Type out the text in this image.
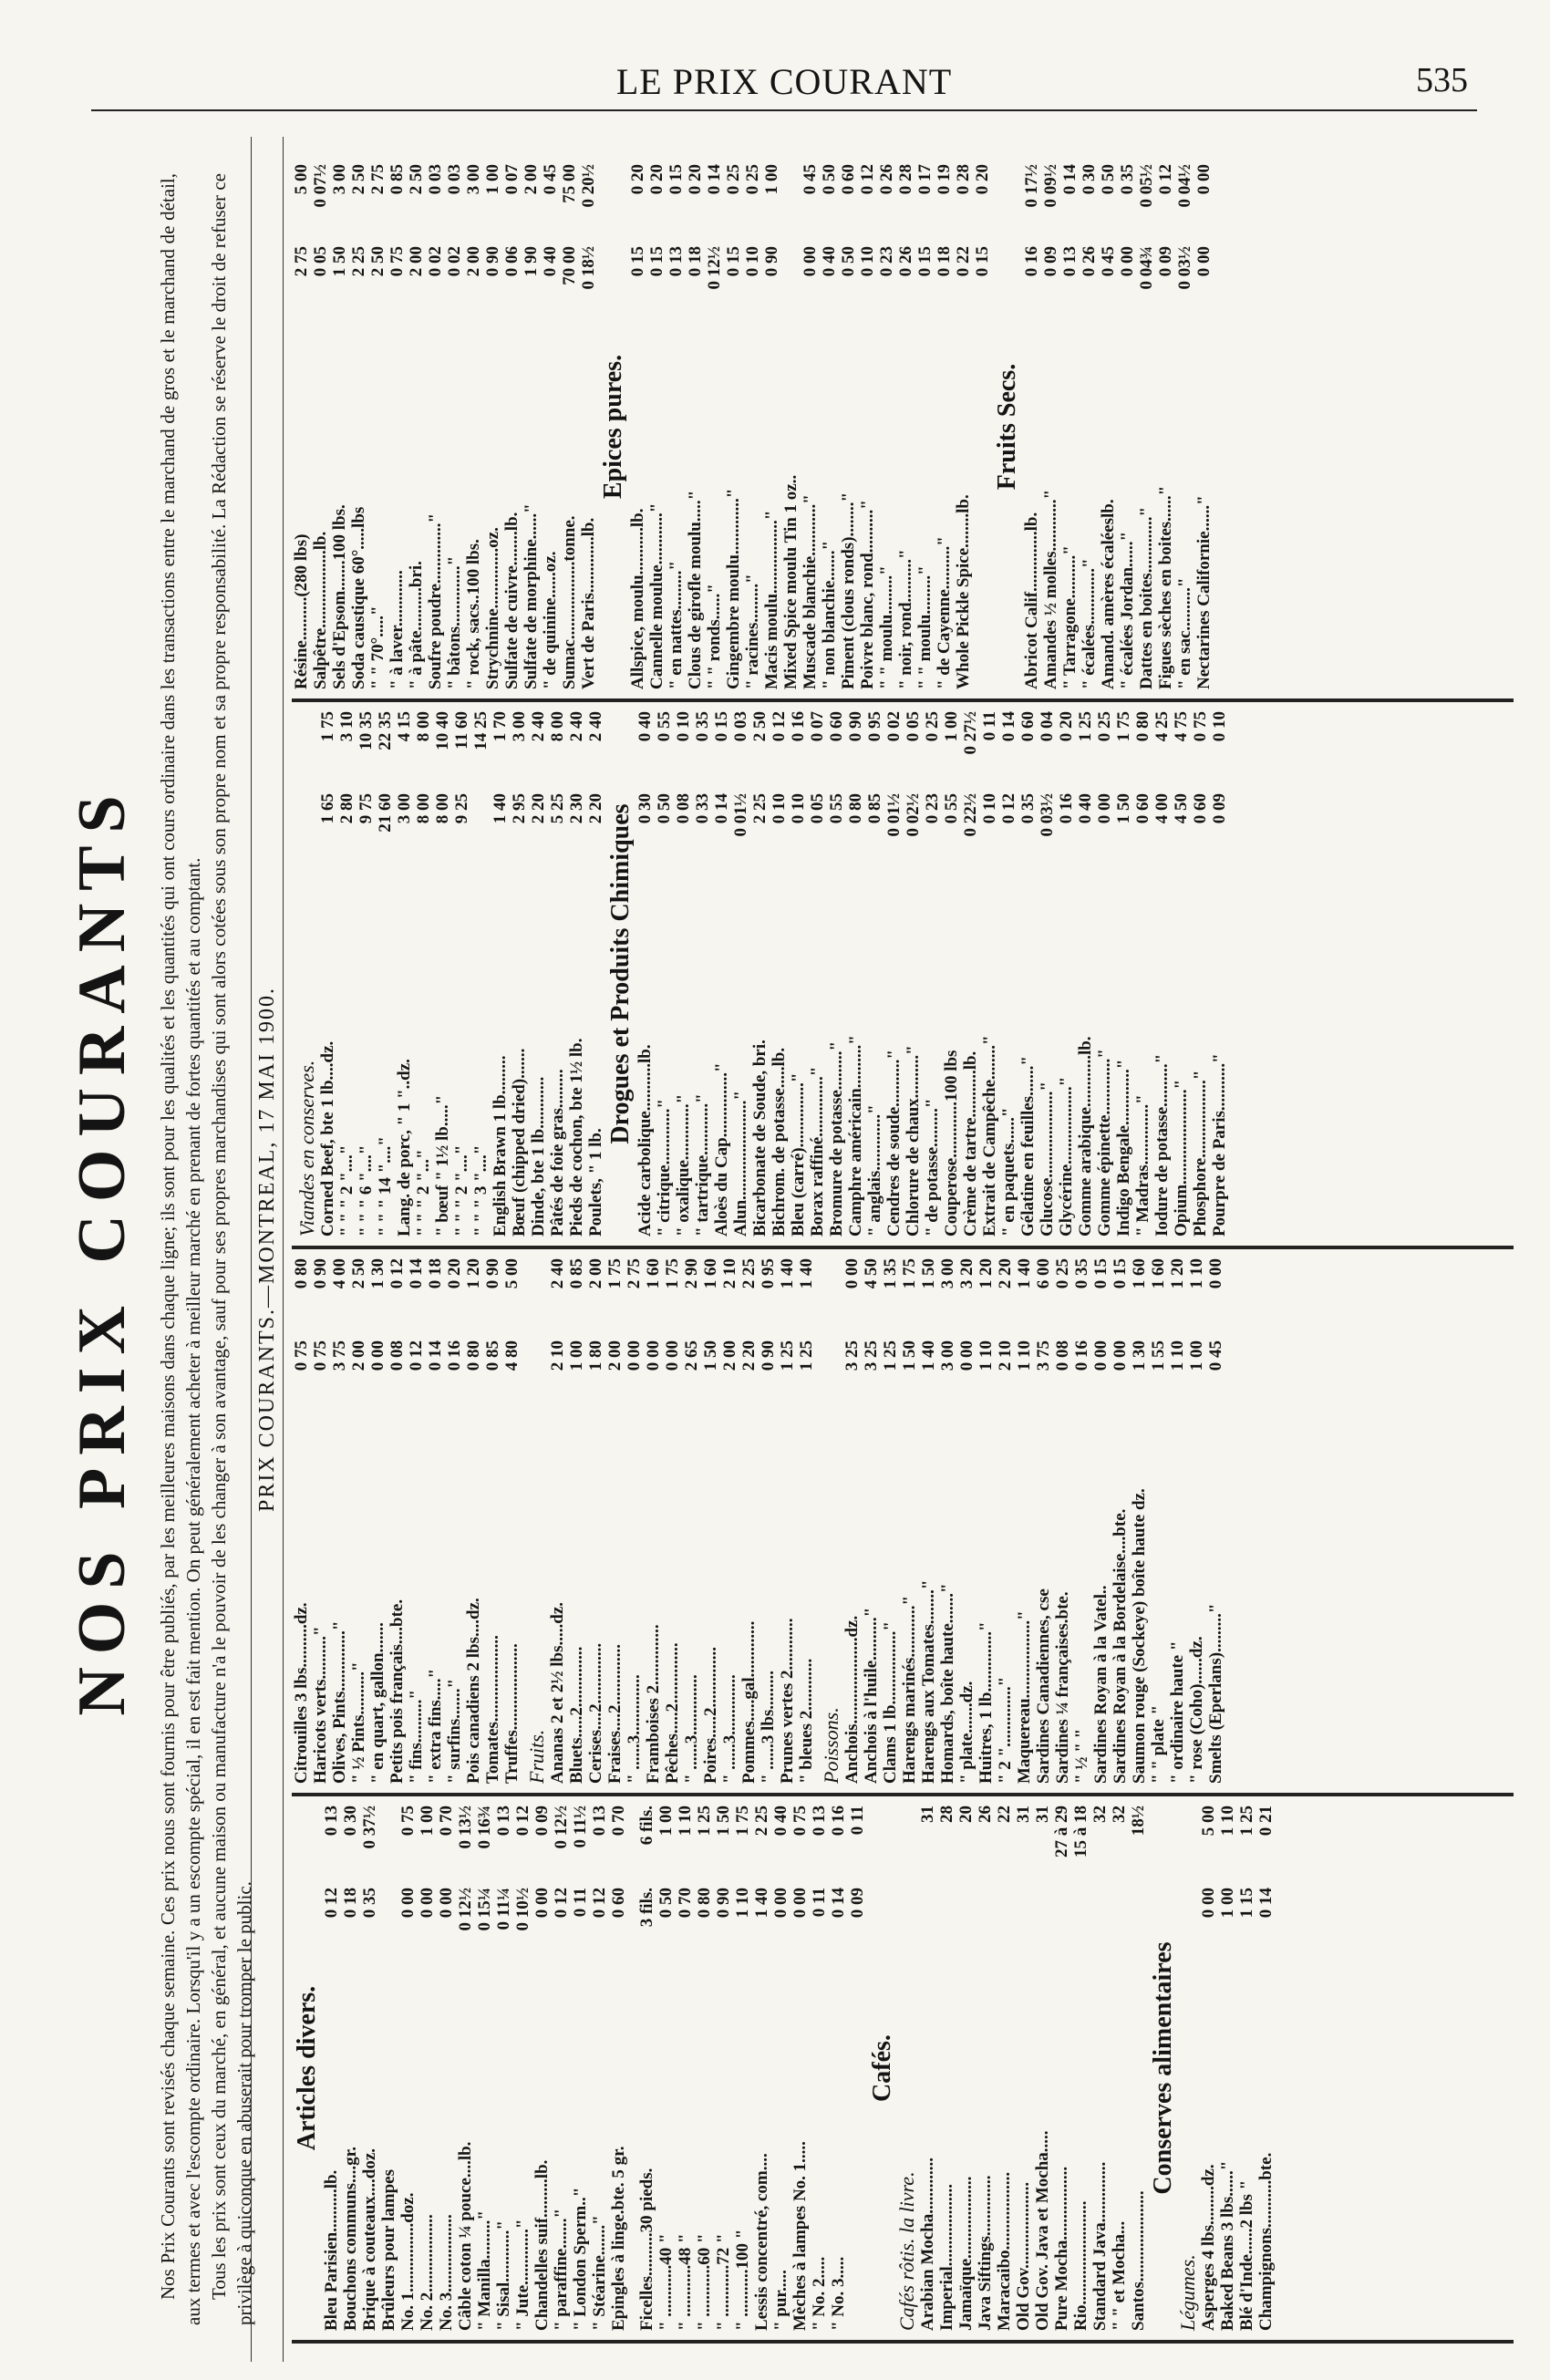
LE PRIX COURANT	535
NOS PRIX COURANTS Nos Prix Courants sont revisés chaque semaine. Ces prix nous sont fournis pour être publiés, par les meilleures maisons dans chaque ligne; ils sont pour les qualités et les quantités qui ont cours ordinaire dans les transactions entre le marchand de gros et le marchand de détail, aux termes et avec l'escompte ordinaire. Lorsqu'il y a un escompte spécial, il en est fait mention. On peut généralement acheter à meilleur marché en prenant de fortes quantités et au comptant. Tous les prix sont ceux du marché, en général, et aucune maison ou manufacture n'a le pouvoir de les changer à son avantage, sauf pour ses propres marchandises qui sont alors cotées sous son propre nom et sa propre responsabilité. La Rédaction se réserve le droit de refuser ce privilège à quiconque en abuserait pour tromper le public.

PRIX COURANTS.—MONTREAL, 17 MAI 1900.
Articles divers.
Bleu Parisien..........lb.
0 12
0 13
Bouchons communs....gr.
0 18
0 30
Brique à couteaux....doz.
0 35
0 37½
Brûleurs pour lampes No. 1................doz.
0 00
0 75
No. 2..................
0 00
1 00
No. 3..................
0 00
0 70
Câble coton ¼ pouce....lb.
0 12½
0 13½
" Manilla........."
0 15¼
0 16¾
" Sisal............"
0 11¼
0 13
" Jute............."
0 10½
0 12
Chandelles suif.........lb.
0 00
0 09
" paraffine......."
0 12
0 12½
" London Sperm.."
0 11
0 11½
" Stéarine......."
0 12
0 13
Epingles à linge.bte. 5 gr.
0 60
0 70
Ficelles..........30 pieds.
3 fils.
6 fils.
" ............40 "
0 50
1 00
" ............48 "
0 70
1 10
" ............60 "
0 80
1 25
" ............72 "
0 90
1 50
" ...........100 "
1 10
1 75
Lessis concentré, com....
1 40
2 25
" pur.....
0 00
0 40
Mèches à lampes No. 1.....
0 00
0 75
" No. 2.....
0 11
0 13
" No. 3.....
0 14
0 16
0 09
0 11
Cafés.
Cafés rôtis. la livre. Arabian Mocha.............
31
Imperial...................
28
Jamaïque...................
20
Java Siftings..............
26
Maracaibo..................
22
Old Gov....................
31
Old Gov. Java et Mocha.....
31
Pure Mocha.................
27 à 29
Rio........................
15 à 18
Standard Java..............
32
" " et Mocha...
32
Santos.....................
18½
Conserves alimentaires
Légumes. Asperges 4 lbs.........dz.
0 00
5 00
Baked Beans 3 lbs......"
1 00
1 10
Blé d'Inde......2 lbs "
1 15
1 25
Champignons...........bte.
0 14
0 21
Citrouilles 3 lbs..........dz.
0 75
0 80
Haricots verts.........."
0 75
0 90
Olives, Pints.............."
3 75
4 00
" ½ Pints.........."
2 00
2 50
" en quart, gallon.......
0 00
1 30
Petits pois français....bte.
0 08
0 12
" fins.........."
0 12
0 14
" extra fins....."
0 14
0 18
" surfins......."
0 16
0 20
Pois canadiens 2 lbs....dz.
0 80
1 20
Tomates....................
0 85
0 90
Truffes....................
4 80
5 00
Fruits. Ananas 2 et 2½ lbs.....dz.
2 10
2 40
Bluets.....2..............
1 00
0 85
Cerises....2..............
1 80
2 00
Fraises....2..............
2 00
1 75
" ......3..............
0 00
2 75
Framboises 2..............
0 00
1 60
Pêches.....2..............
0 00
1 75
" ......3..............
2 65
2 90
Poires.....2..............
1 50
1 60
" ......3..............
2 00
2 10
Pommes.....gal.............
2 20
2 25
" ......3 lbs.........
0 90
0 95
Prunes vertes 2............
1 25
1 40
" bleues 2............
1 25
1 40
Poissons. Anchois....................dz.
3 25
0 00
Anchois à l'huile.........."
3 25
4 50
Clams 1 lb................."
1 25
1 35
Harengs marinés............"
1 50
1 75
Harengs aux Tomates........"
1 40
1 50
Homards, boîte haute......."
3 00
3 00
" plate.......dz.
0 00
3 20
Huitres, 1 lb.............."
1 10
1 20
" 2 ".............."
2 10
2 20
Maquereau.................."
1 10
1 40
Sardines Canadiennes, cse
3 75
6 00
Sardines ¼ françaises.bte.
0 08
0 25
" ½ " "
0 16
0 35
Sardines Royan à la Vatel..
0 00
0 15
Sardines Royan à la Bordelaise....bte.
0 00
0 15
Saumon rouge (Sockeye) boîte haute dz.
1 30
1 60
" " plate "
1 55
1 60
" ordinaire haute "
1 10
1 20
" rose (Coho)......dz.
1 00
1 10
Smelts (Eperlans)........."
0 45
0 00
Viandes en conserves. Corned Beef, bte 1 lb....dz.
1 65
1 75
" " " 2 "...."
2 80
3 10
" " " 6 "...."
9 75
10 35
" " " 14 "...."
21 60
22 35
Lang. de porc, " 1 "..dz.
3 00
4 15
" " " 2 "..."
8 00
8 00
" bœuf " 1½ lb....."
8 00
10 40
" " " 2 "...."
9 25
11 60
" " " 3 "...."
14 25
English Brawn 1 lb.........
1 40
1 70
Bœuf (chipped dried).......
2 95
3 00
Dinde, bte 1 lb............
2 20
2 40
Pâtés de foie gras.........
5 25
8 00
Pieds de cochon, bte 1½ lb.
2 30
2 40
Poulets, " 1 lb.
2 20
2 40
Drogues et Produits Chimiques Acide carbolique...........lb.
0 30
0 40
" citrique............."
0 50
0 55
" oxalique............."
0 08
0 10
" tartrique............"
0 33
0 35
Aloès du Cap..............."
0 14
0 15
Alun......................."
0 01½
0 03
Bicarbonate de Soude, bri.
2 25
2 50
Bichrom. de potasse.....lb.
0 10
0 12
Bleu (carré)..............."
0 10
0 16
Borax raffiné.............."
0 05
0 07
Bromure de potasse........."
0 55
0 60
Camphre américain.........."
0 80
0 90
" anglais............."
0 85
0 95
Cendres de soude..........."
0 01½
0 02
Chlorure de chaux.........."
0 02½
0 05
" de potasse........."
0 23
0 25
Couperose.............100 lbs
0 55
1 00
Crème de tartre...........lb.
0 22½
0 27½
Extrait de Campêche........"
0 10
0 11
" en paquets......"
0 12
0 14
Gélatine en feuilles......."
0 35
0 60
Glucose...................."
0 03½
0 04
Glycérine.................."
0 16
0 20
Gomme arabique............lb.
0 40
1 25
Gomme épinette............."
0 00
0 25
Indigo Bengale............."
1 50
1 75
" Madras.............."
0 60
0 80
Iodure de potasse.........."
4 00
4 25
Opium......................"
4 50
4 75
Phosphore.................."
0 60
0 75
Pourpre de Paris..........."
0 09
0 10
Résine..........(280 lbs)
2 75
5 00
Salpêtre..................lb.
0 05
0 07½
Sels d'Epsom.......100 lbs.
1 50
3 00
Soda caustique 60°.....lbs
2 25
2 50
" " 70°....."
2 50
2 75
" à laver.............
0 75
0 85
" à pâte..........bri.
2 00
2 50
Soufre poudre.............."
0 02
0 03
" bâtons.............."
0 02
0 03
" rock, sacs..100 lbs.
2 00
3 00
Strychnine..............oz.
0 90
1 00
Sulfate de cuivre........lb.
0 06
0 07
Sulfate de morphine......"
1 90
2 00
" de quinine......oz.
0 40
0 45
Sumac..................tonne.
70 00
75 00
Vert de Paris.............lb.
0 18½
0 20½
Epices pures.
Allspice, moulu...........lb.
0 15
0 20
Cannelle moulue............"
0 15
0 20
" en nattes........."
0 13
0 15
Clous de girofle moulu....."
0 18
0 20
" " ronds......"
0 12½
0 14
Gingembre moulu............."
0 15
0 25
" racines........."
0 10
0 25
Macis moulu................."
0 90
1 00
Mixed Spice moulu Tin 1 oz.. Muscade blanchie............"
0 00
0 45
" non blanchie......."
0 40
0 50
Piment (clous ronds)........"
0 50
0 60
Poivre blanc, rond.........."
0 10
0 12
" " moulu........."
0 23
0 26
" noir, rond.........."
0 26
0 28
" " moulu........."
0 15
0 17
" de Cayenne.........."
0 18
0 19
Whole Pickle Spice........lb.
0 22
0 28
0 15
0 20
Fruits Secs.
Abricot Calif..............lb.
0 16
0 17½
Amandes ½ molles............"
0 09
0 09½
" Tarragone.........."
0 13
0 14
" écalées............."
0 26
0 30
Amand. amères écaléeslb.
0 45
0 50
" écalées Jordan......"
0 00
0 35
Dattes en boites............."
0 04¾
0 05½
Figues sèches en boites......"
0 09
0 12
" en sac.........."
0 03½
0 04½
Nectarines Californie......"
0 00
0 00
